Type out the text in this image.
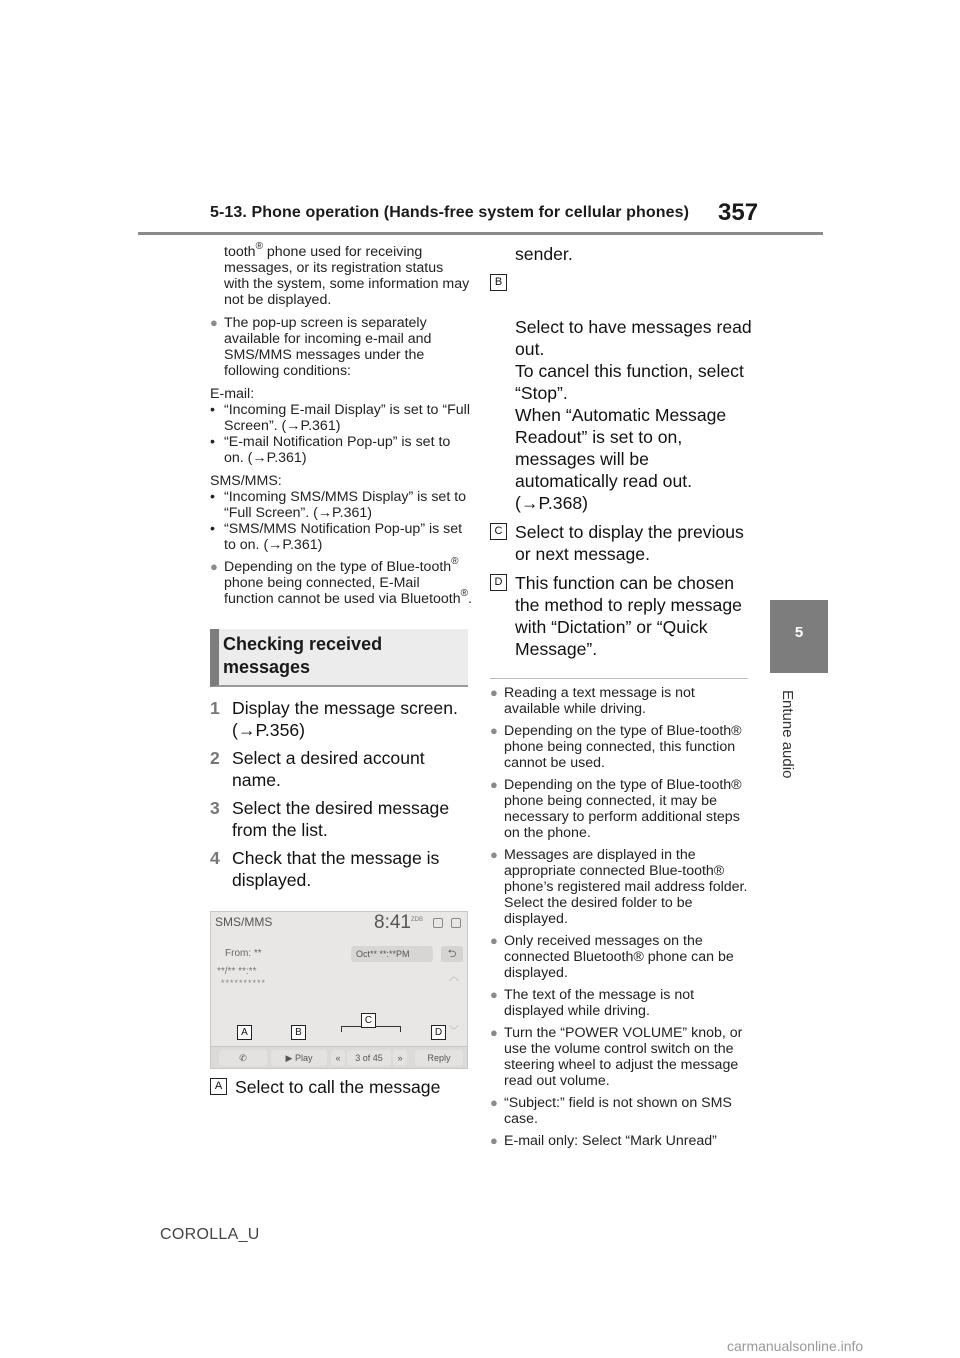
5-13. Phone operation (Hands-free system for cellular phones) 357
5
Entune audio
tooth® phone used for receiving messages, or its registration status with the system, some information may not be displayed.
● The pop-up screen is separately available for incoming e-mail and SMS/MMS messages under the following conditions:
E-mail:
• “Incoming E-mail Display” is set to “Full Screen”. (→P.361)
• “E-mail Notification Pop-up” is set to on. (→P.361)
SMS/MMS:
• “Incoming SMS/MMS Display” is set to “Full Screen”. (→P.361)
• “SMS/MMS Notification Pop-up” is set to on. (→P.361)
● Depending on the type of Blue-tooth® phone being connected, E-Mail function cannot be used via Bluetooth®.
Checking received messages
1 Display the message screen. (→P.356)
2 Select a desired account name.
3 Select the desired message from the list.
4 Check that the message is displayed.
SMS/MMS	8:41 ZDB
From: **	Oct** **:**PM	⮌
**/** **:**
**********	︿
﹀
A	B
C
D
✆	▶ Play	«	3 of 45	»	Reply
A Select to call the message
sender.

B

Select to have messages read out.
To cancel this function, select “Stop”.
When “Automatic Message Readout” is set to on, messages will be automatically read out. (→P.368)

C Select to display the previous or next message.
D This function can be chosen the method to reply message with “Dictation” or “Quick Message”.
● Reading a text message is not available while driving.
● Depending on the type of Blue-tooth® phone being connected, this function cannot be used.
● Depending on the type of Blue-tooth® phone being connected, it may be necessary to perform additional steps on the phone.
● Messages are displayed in the appropriate connected Blue-tooth® phone’s registered mail address folder. Select the desired folder to be displayed.
● Only received messages on the connected Bluetooth® phone can be displayed.
● The text of the message is not displayed while driving.
● Turn the “POWER VOLUME” knob, or use the volume control switch on the steering wheel to adjust the message read out volume.
● “Subject:” field is not shown on SMS case.
● E-mail only: Select “Mark Unread”
COROLLA_U
carmanualsonline.info
